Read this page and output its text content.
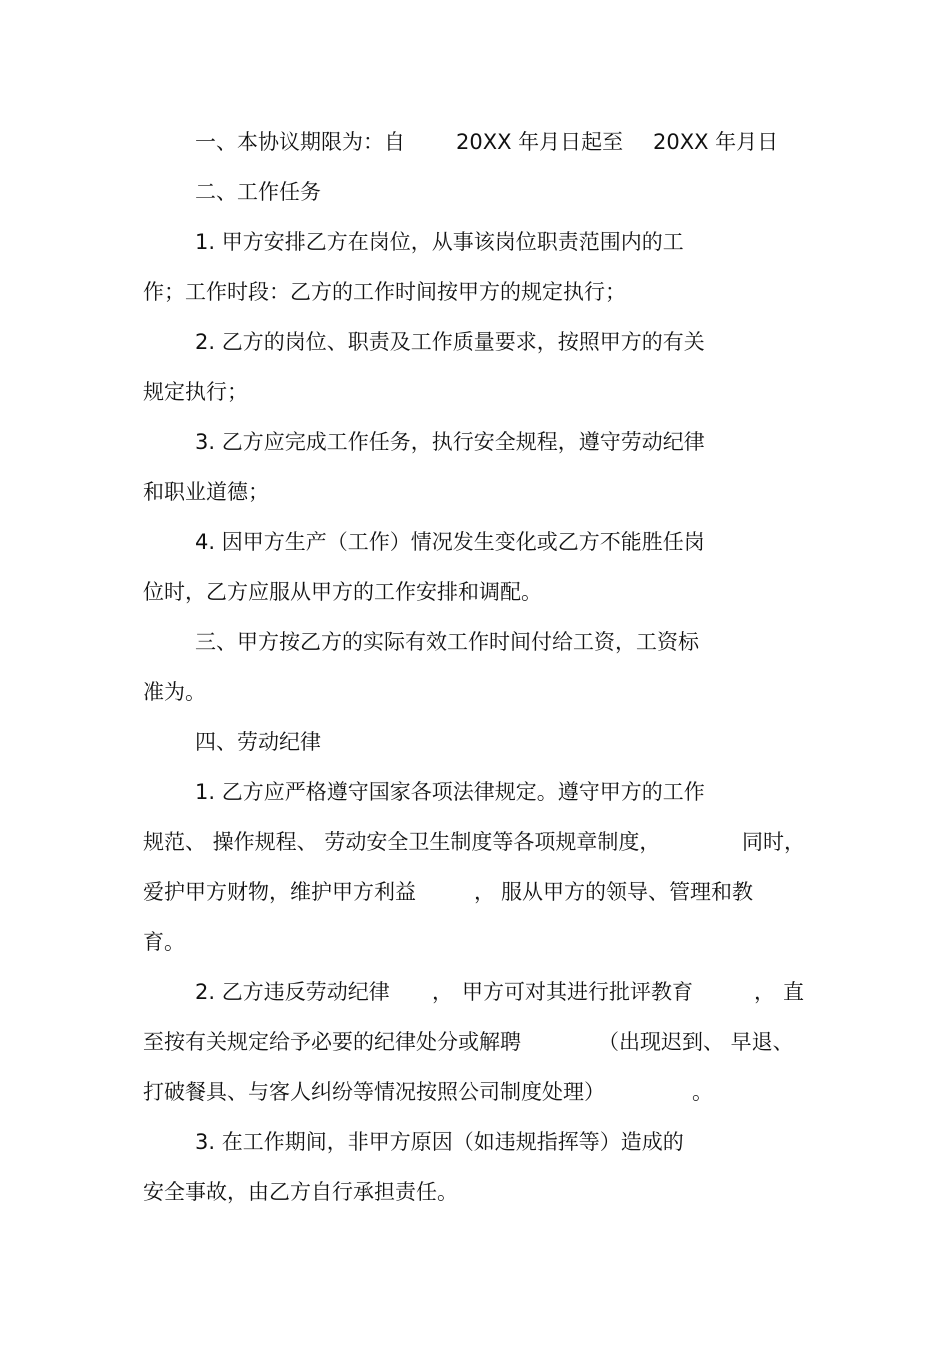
一、本协议期限为：自 20XX 年月日起至 20XX 年月日

二、工作任务

1. 甲方安排乙方在岗位，从事该岗位职责范围内的工

作；工作时段：乙方的工作时间按甲方的规定执行；

2. 乙方的岗位、职责及工作质量要求，按照甲方的有关

规定执行；

3. 乙方应完成工作任务，执行安全规程，遵守劳动纪律

和职业道德；

4. 因甲方生产（工作）情况发生变化或乙方不能胜任岗

位时，乙方应服从甲方的工作安排和调配。

三、甲方按乙方的实际有效工作时间付给工资，工资标

准为。

四、劳动纪律

1. 乙方应严格遵守国家各项法律规定。遵守甲方的工作

规范、 操作规程、 劳动安全卫生制度等各项规章制度，	同时，
爱护甲方财物，维护甲方利益	， 服从甲方的领导、管理和教

育。

2. 乙方违反劳动纪律 ， 甲方可对其进行批评教育	， 直
至按有关规定给予必要的纪律处分或解聘	（出现迟到、 早退、
打破餐具、与客人纠纷等情况按照公司制度处理）	。

3. 在工作期间，非甲方原因（如违规指挥等）造成的

安全事故，由乙方自行承担责任。
